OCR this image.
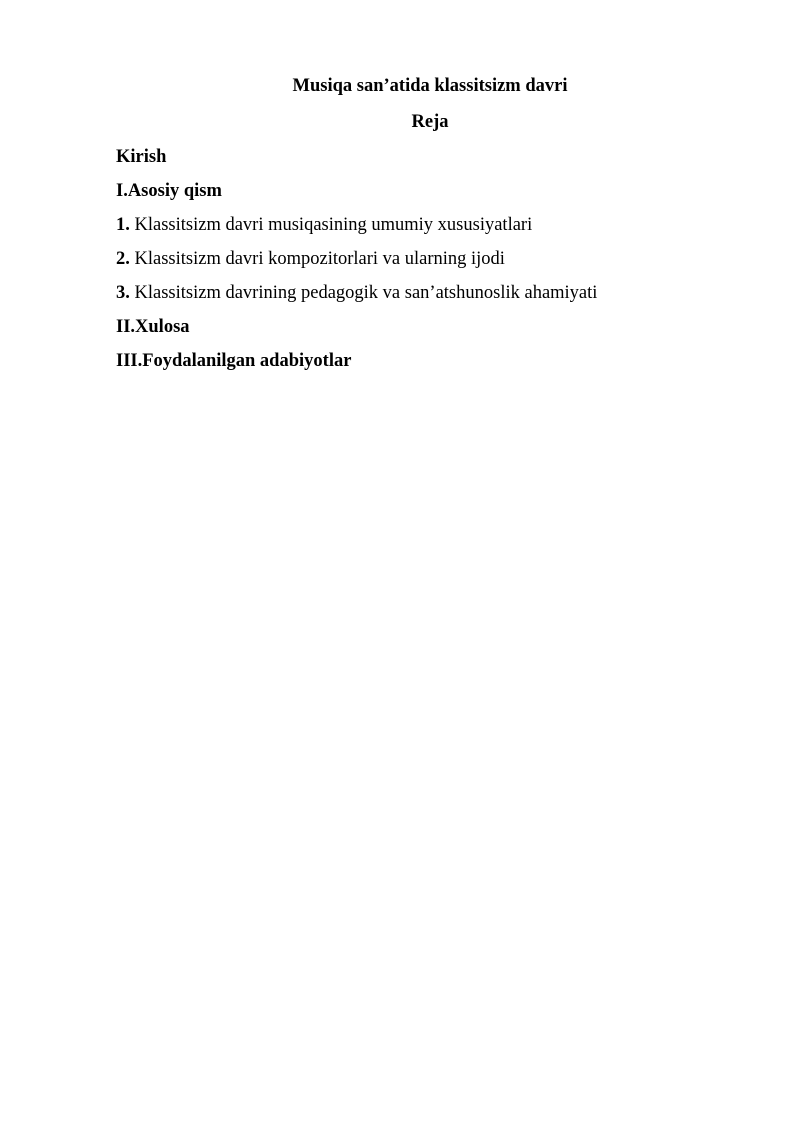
Musiqa san’atida klassitsizm davri
Reja
Kirish
I.Asosiy qism
1. Klassitsizm davri musiqasining umumiy xususiyatlari
2. Klassitsizm davri kompozitorlari va ularning ijodi
3. Klassitsizm davrining pedagogik va san’atshunoslik ahamiyati
II.Xulosa
III.Foydalanilgan adabiyotlar
